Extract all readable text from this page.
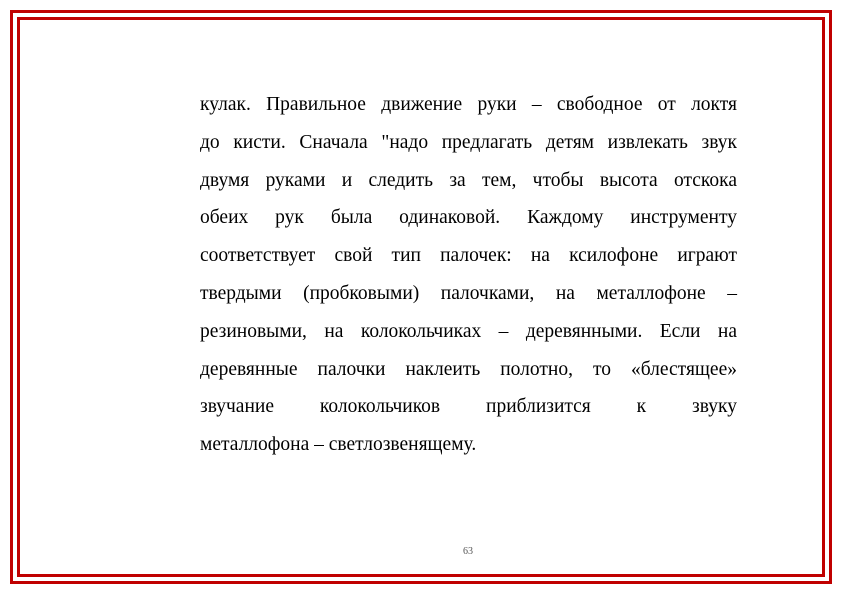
кулак. Правильное движение руки – свободное от локтя
до кисти. Сначала "надо предлагать детям извлекать звук
двумя руками и следить за тем, чтобы высота отскока
обеих рук была одинаковой. Каждому инструменту
соответствует свой тип палочек: на ксилофоне играют
твердыми (пробковыми) палочками, на металлофоне –
резиновыми, на колокольчиках – деревянными. Если на
деревянные палочки наклеить полотно, то «блестящее»
звучание колокольчиков приблизится к звуку
металлофона – светлозвенящему.
63
